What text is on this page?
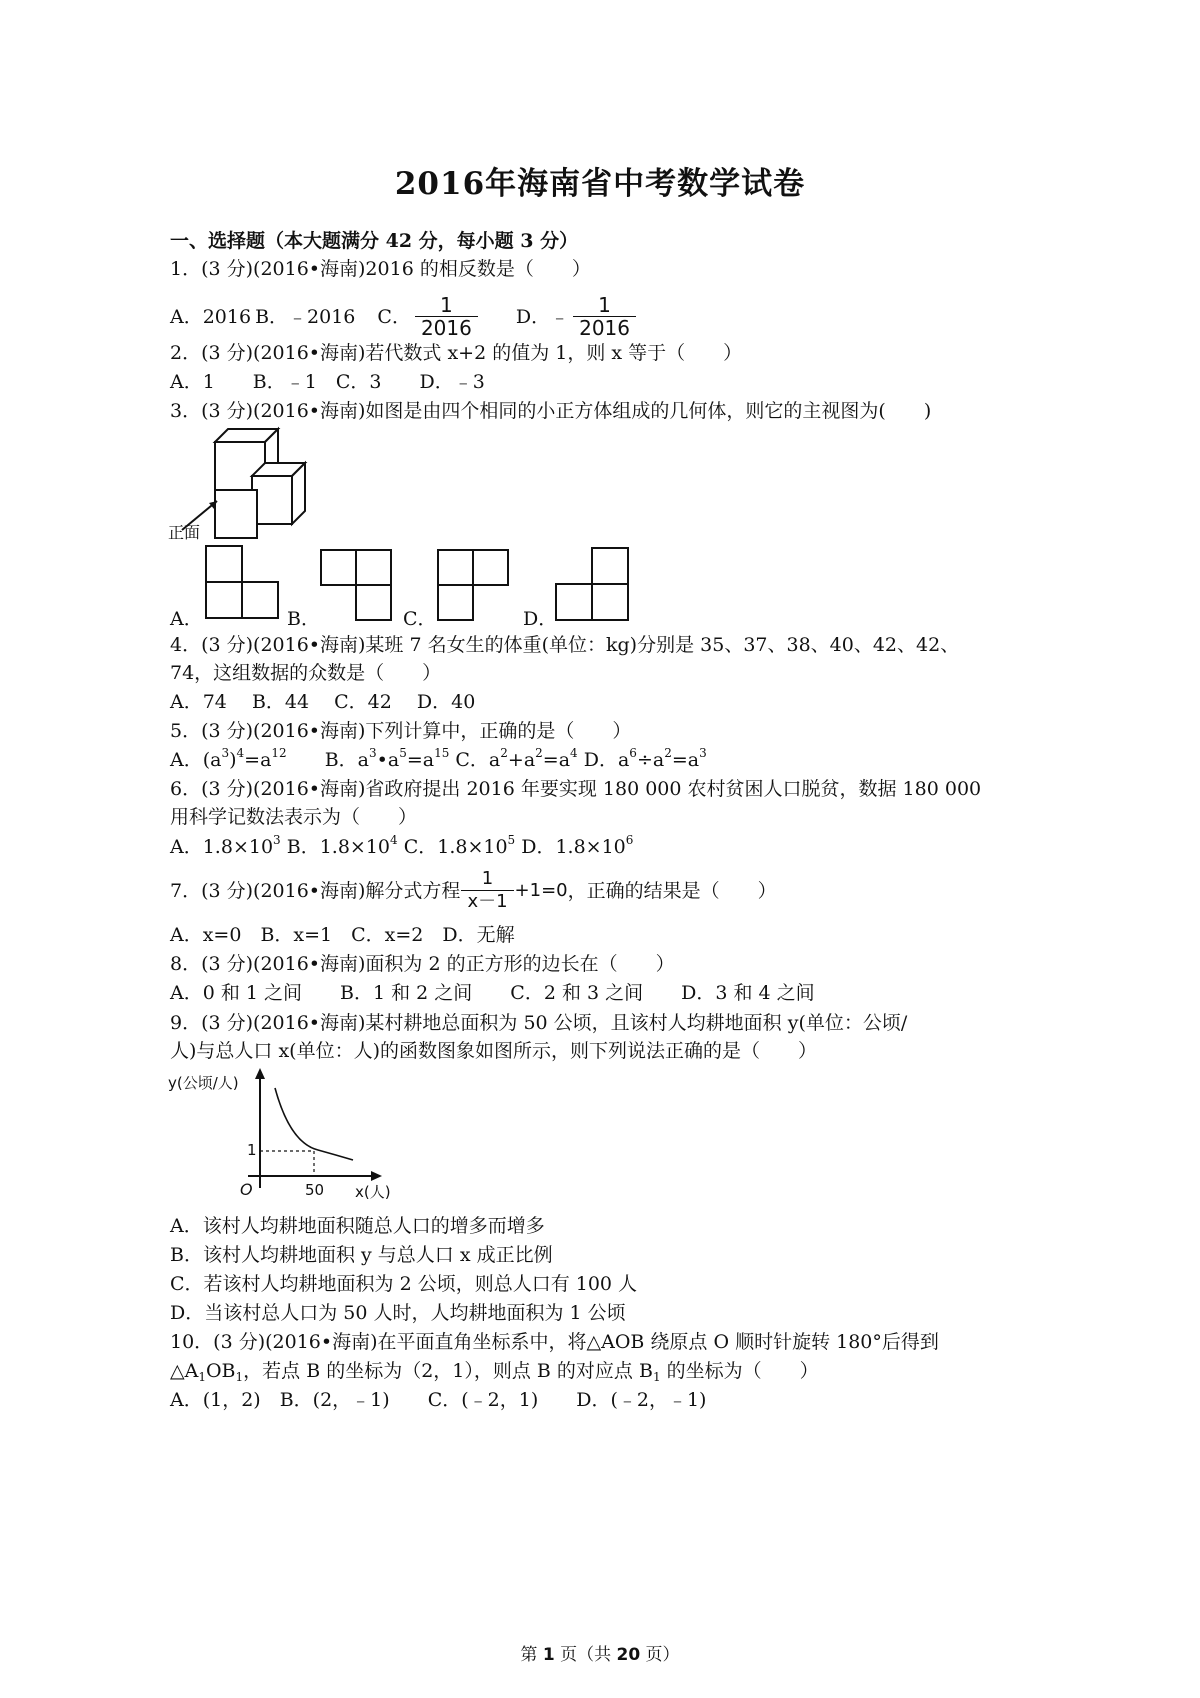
2016年海南省中考数学试卷
一、选择题（本大题满分 42 分，每小题 3 分）
1．(3 分)(2016•海南)2016 的相反数是（　　）
A．2016 B．﹣2016 C． $\frac{1}{2016}$ D．﹣ $\frac{1}{2016}$
2．(3 分)(2016•海南)若代数式 x+2 的值为 1，则 x 等于（　　）
A．1　　B．﹣1　C．3　　D．﹣3
3．(3 分)(2016•海南)如图是由四个相同的小正方体组成的几何体，则它的主视图为(　　)
正面
A．	B．	C．	D．
4．(3 分)(2016•海南)某班 7 名女生的体重(单位：kg)分别是 35、37、38、40、42、42、
74，这组数据的众数是（　　）
A．74　 B．44　 C．42　 D．40
5．(3 分)(2016•海南)下列计算中，正确的是（　　）
A．$(a^3)^4=a^{12}$　　B．$a^3•a^5=a^{15}$ C．$a^2+a^2=a^4$ D．$a^6\div a^2=a^3$
6．(3 分)(2016•海南)省政府提出 2016 年要实现 180 000 农村贫困人口脱贫，数据 180 000
用科学记数法表示为（　　）
A．$1.8\times 10^3$ B．$1.8\times 10^4$ C．$1.8\times 10^5$ D．$1.8\times 10^6$
7．(3 分)(2016•海南)解分式方程 $\frac{1}{x-1} +1=0$ ，正确的结果是（　　）
A．x=0　B．x=1　C．x=2　D．无解
8．(3 分)(2016•海南)面积为 2 的正方形的边长在（　　）
A．0 和 1 之间　　B．1 和 2 之间　　C．2 和 3 之间　　D．3 和 4 之间
9．(3 分)(2016•海南)某村耕地总面积为 50 公顷，且该村人均耕地面积 y(单位：公顷/
人)与总人口 x(单位：人)的函数图象如图所示，则下列说法正确的是（　　）
y(公顷/人)
1
O	50 x(人)
A．该村人均耕地面积随总人口的增多而增多
B．该村人均耕地面积 y 与总人口 x 成正比例
C．若该村人均耕地面积为 2 公顷，则总人口有 100 人
D．当该村总人口为 50 人时，人均耕地面积为 1 公顷
10．(3 分)(2016•海南)在平面直角坐标系中，将△AOB 绕原点 O 顺时针旋转 180°后得到
$\triangle A_1OB_1$，若点 B 的坐标为（2，1），则点 B 的对应点 $B_1$ 的坐标为（　　）
A．(1，2)　B．(2，﹣1)　　C．(﹣2，1)　　D．(﹣2，﹣1)
第 1 页（共 20 页）
